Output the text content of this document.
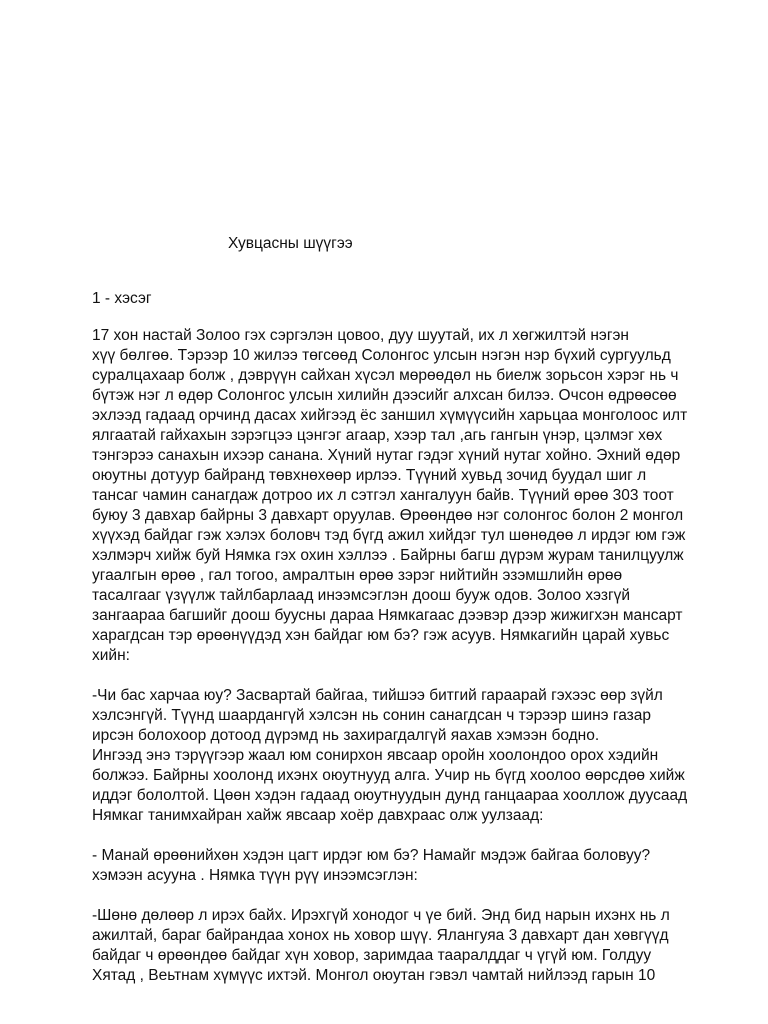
Хувцасны шүүгээ
1 - хэсэг
17 хон настай Золоо гэх сэргэлэн цовоо, дуу шуутай, их л хөгжилтэй нэгэн
хүү бөлгөө. Тэрээр 10 жилээ төгсөөд Солонгос улсын нэгэн нэр бүхий сургуульд
суралцахаар болж , дэврүүн сайхан хүсэл мөрөөдөл нь биелж зорьсон хэрэг нь ч
бүтэж нэг л өдөр Солонгос улсын хилийн дээсийг алхсан билээ. Очсон өдрөөсөө
эхлээд гадаад орчинд дасах хийгээд ёс заншил хүмүүсийн харьцаа монголоос илт
ялгаатай гайхахын зэрэгцээ цэнгэг агаар, хээр тал ,агь гангын үнэр, цэлмэг хөх
тэнгэрээ санахын ихээр санана. Хүний нутаг гэдэг хүний нутаг хойно. Эхний өдөр
оюутны дотуур байранд төвхнөхөөр ирлээ. Түүний хувьд зочид буудал шиг л
тансаг чамин санагдаж дотроо их л сэтгэл хангалуун байв. Түүний өрөө 303 тоот
буюу 3 давхар байрны 3 давхарт оруулав. Өрөөндөө нэг солонгос болон 2 монгол
хүүхэд байдаг гэж хэлэх боловч тэд бүгд ажил хийдэг тул шөнөдөө л ирдэг юм гэж
хэлмэрч хийж буй Нямка гэх охин хэллээ . Байрны багш дүрэм журам танилцуулж
угаалгын өрөө , гал тогоо, амралтын өрөө зэрэг нийтийн эзэмшлийн өрөө
тасалгааг үзүүлж тайлбарлаад инээмсэглэн доош бууж одов. Золоо хэзгүй
зангаараа багшийг доош буусны дараа Нямкагаас дээвэр дээр жижигхэн мансарт
харагдсан тэр өрөөнүүдэд хэн байдаг юм бэ? гэж асуув. Нямкагийн царай хувьс
хийн:
-Чи бас харчаа юу? Засвартай байгаа, тийшээ битгий гараарай гэхээс өөр зүйл
хэлсэнгүй. Түүнд шаардангүй хэлсэн нь сонин санагдсан ч тэрээр шинэ газар
ирсэн болохоор дотоод дүрэмд нь захирагдалгүй яахав хэмээн бодно.
Ингээд энэ тэрүүгээр жаал юм сонирхон явсаар оройн хоолондоо орох хэдийн
болжээ. Байрны хоолонд ихэнх оюутнууд алга. Учир нь бүгд хоолоо өөрсдөө хийж
иддэг бололтой. Цөөн хэдэн гадаад оюутнуудын дунд ганцаараа хооллож дуусаад
Нямкаг танимхайран хайж явсаар хоёр давхраас олж уулзаад:
- Манай өрөөнийхөн хэдэн цагт ирдэг юм бэ? Намайг мэдэж байгаа боловуу?
хэмээн асууна . Нямка түүн рүү инээмсэглэн:
-Шөнө дөлөөр л ирэх байх. Ирэхгүй хонодог ч үе бий. Энд бид нарын ихэнх нь л
ажилтай, бараг байрандаа хонох нь ховор шүү. Ялангуяа 3 давхарт дан хөвгүүд
байдаг ч өрөөндөө байдаг хүн ховор, заримдаа тааралддаг ч үгүй юм. Голдуу
Хятад , Веьтнам хүмүүс ихтэй. Монгол оюутан гэвэл чамтай нийлээд гарын 10
